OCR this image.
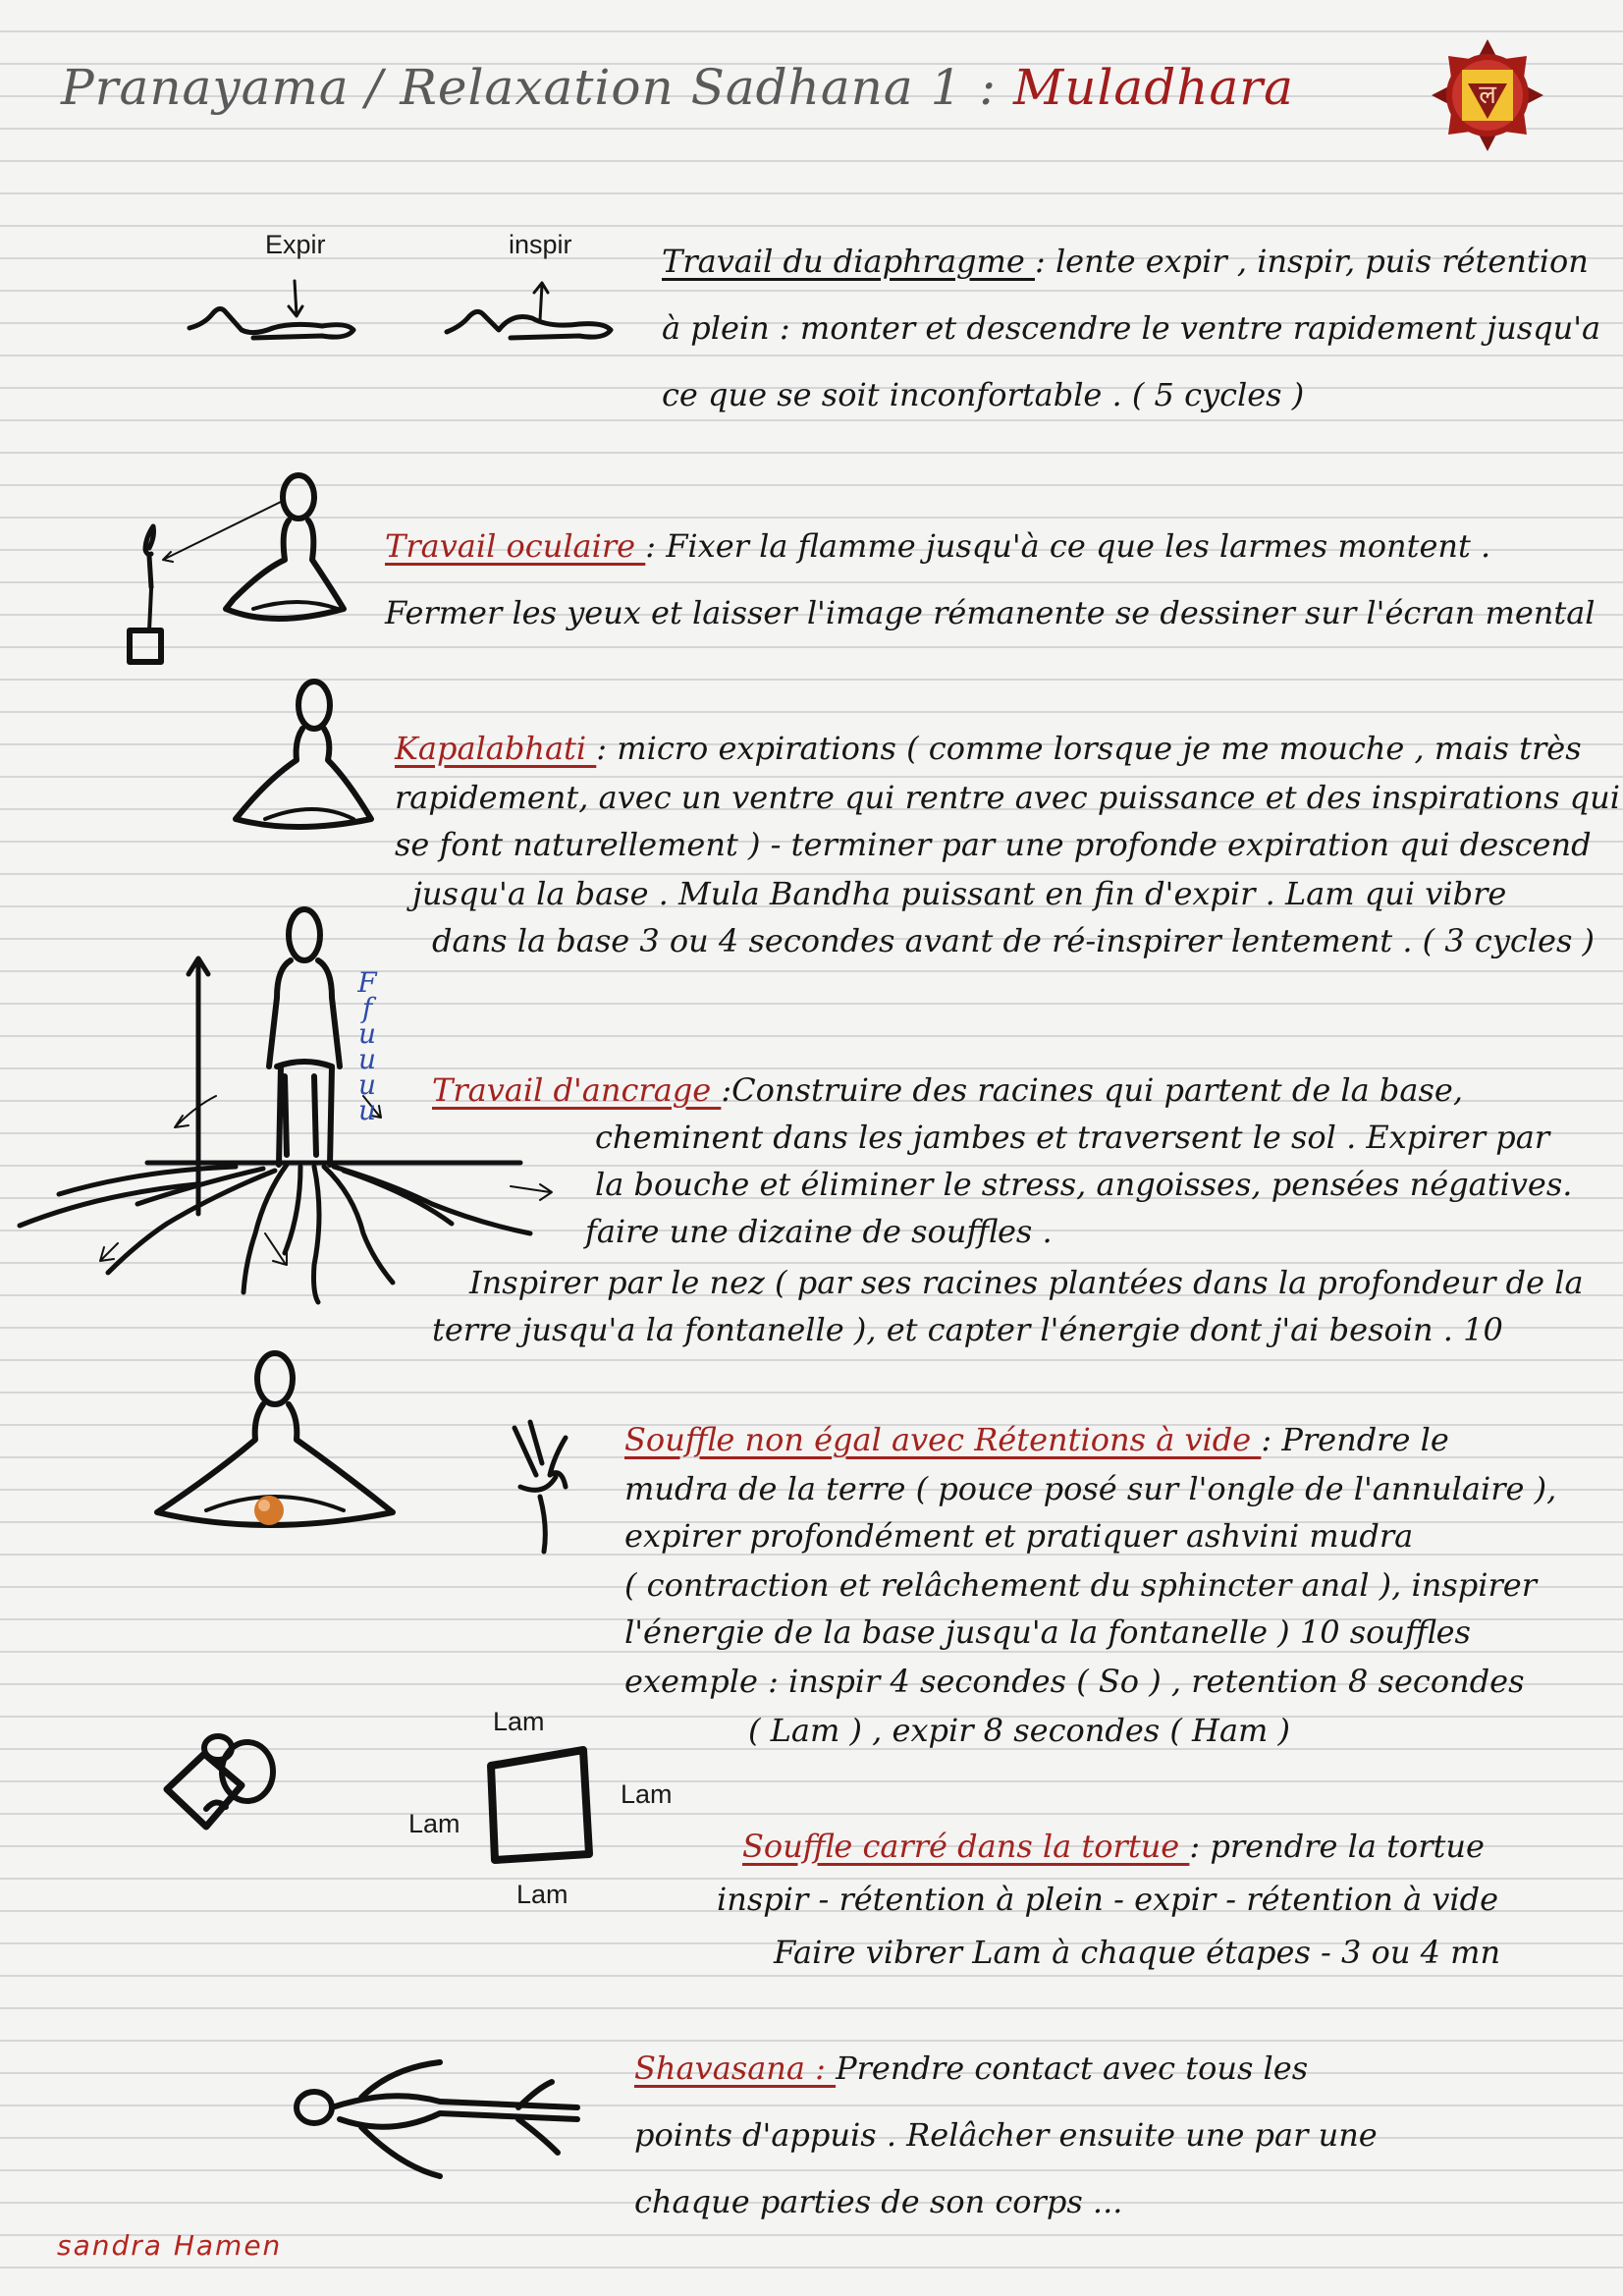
Pranayama / Relaxation Sadhana 1 : Muladhara	ल
Expir	inspir	Travail du diaphragme : lente expir , inspir, puis rétention
à plein : monter et descendre le ventre rapidement jusqu'a
ce que se soit inconfortable . ( 5 cycles )
Travail oculaire : Fixer la flamme jusqu'à ce que les larmes montent .
Fermer les yeux et laisser l'image rémanente se dessiner sur l'écran mental
Kapalabhati : micro expirations ( comme lorsque je me mouche , mais très
rapidement, avec un ventre qui rentre avec puissance et des inspirations qui
se font naturellement ) - terminer par une profonde expiration qui descend
jusqu'a la base . Mula Bandha puissant en fin d'expir . Lam qui vibre
dans la base 3 ou 4 secondes avant de ré-inspirer lentement . ( 3 cycles )
F
f
u
u
u
u
Travail d'ancrage :Construire des racines qui partent de la base,
cheminent dans les jambes et traversent le sol . Expirer par
la bouche et éliminer le stress, angoisses, pensées négatives.
faire une dizaine de souffles .
Inspirer par le nez ( par ses racines plantées dans la profondeur de la
terre jusqu'a la fontanelle ), et capter l'énergie dont j'ai besoin . 10
Souffle non égal avec Rétentions à vide : Prendre le
mudra de la terre ( pouce posé sur l'ongle de l'annulaire ),
expirer profondément et pratiquer ashvini mudra
( contraction et relâchement du sphincter anal ), inspirer
l'énergie de la base jusqu'a la fontanelle ) 10 souffles
exemple : inspir 4 secondes ( So ) , retention 8 secondes
( Lam ) , expir 8 secondes ( Ham )
Lam
Lam
Lam
Lam
Souffle carré dans la tortue : prendre la tortue
inspir - rétention à plein - expir - rétention à vide
Faire vibrer Lam à chaque étapes - 3 ou 4 mn
Shavasana : Prendre contact avec tous les
points d'appuis . Relâcher ensuite une par une
chaque parties de son corps ...
sandra Hamen
